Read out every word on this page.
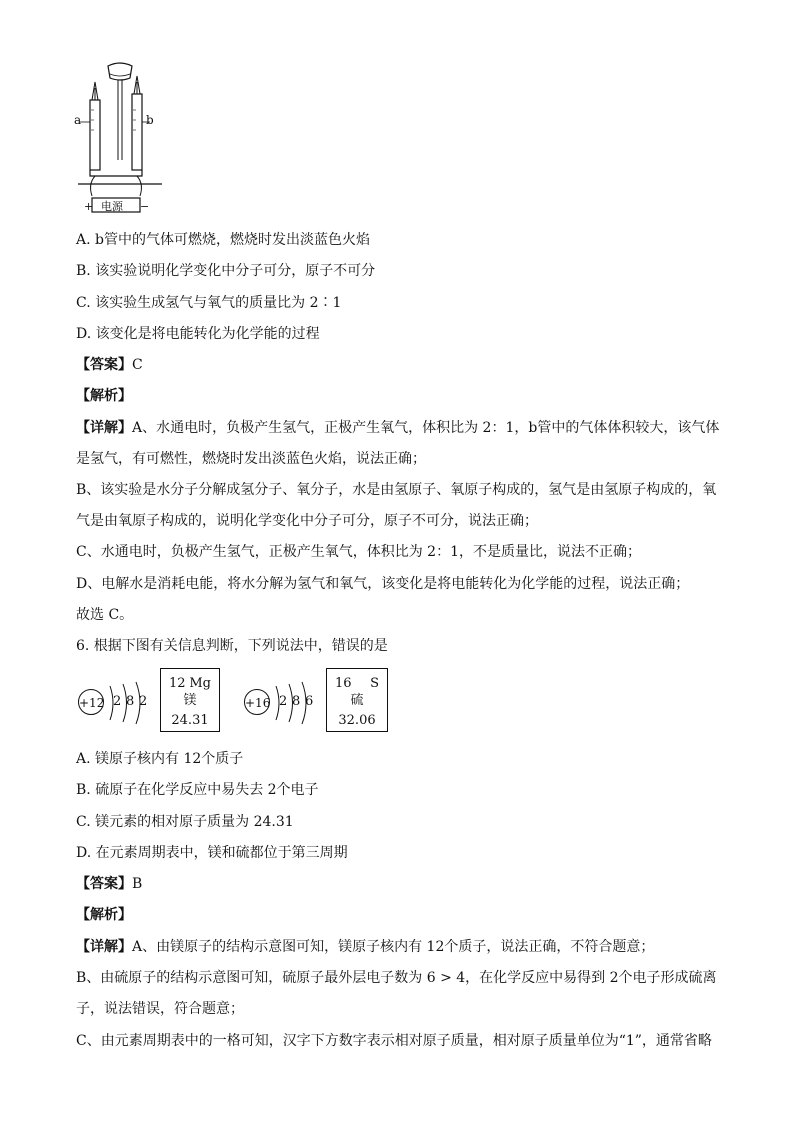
a	b
电源
+	−
A. b管中的气体可燃烧，燃烧时发出淡蓝色火焰
B. 该实验说明化学变化中分子可分，原子不可分
C. 该实验生成氢气与氧气的质量比为 2∶1
D. 该变化是将电能转化为化学能的过程
【答案】C
【解析】
【详解】A、水通电时，负极产生氢气，正极产生氧气，体积比为 2：1，b管中的气体体积较大，该气体
是氢气，有可燃性，燃烧时发出淡蓝色火焰，说法正确；
B、该实验是水分子分解成氢分子、氧分子，水是由氢原子、氧原子构成的，氢气是由氢原子构成的，氧
气是由氧原子构成的，说明化学变化中分子可分，原子不可分，说法正确；
C、水通电时，负极产生氢气，正极产生氧气，体积比为 2：1，不是质量比，说法不正确；
D、电解水是消耗电能，将水分解为氢气和氧气，该变化是将电能转化为化学能的过程，说法正确；
故选 C。
6. 根据下图有关信息判断，下列说法中，错误的是
+12 2 8 2
12 Mg
镁
24.31
+16 2 8 6
16 S
硫
32.06
A. 镁原子核内有 12个质子
B. 硫原子在化学反应中易失去 2个电子
C. 镁元素的相对原子质量为 24.31
D. 在元素周期表中，镁和硫都位于第三周期
【答案】B
【解析】
【详解】A、由镁原子的结构示意图可知，镁原子核内有 12个质子，说法正确，不符合题意；
B、由硫原子的结构示意图可知，硫原子最外层电子数为 6 > 4，在化学反应中易得到 2个电子形成硫离
子，说法错误，符合题意；
C、由元素周期表中的一格可知，汉字下方数字表示相对原子质量，相对原子质量单位为“1”，通常省略
